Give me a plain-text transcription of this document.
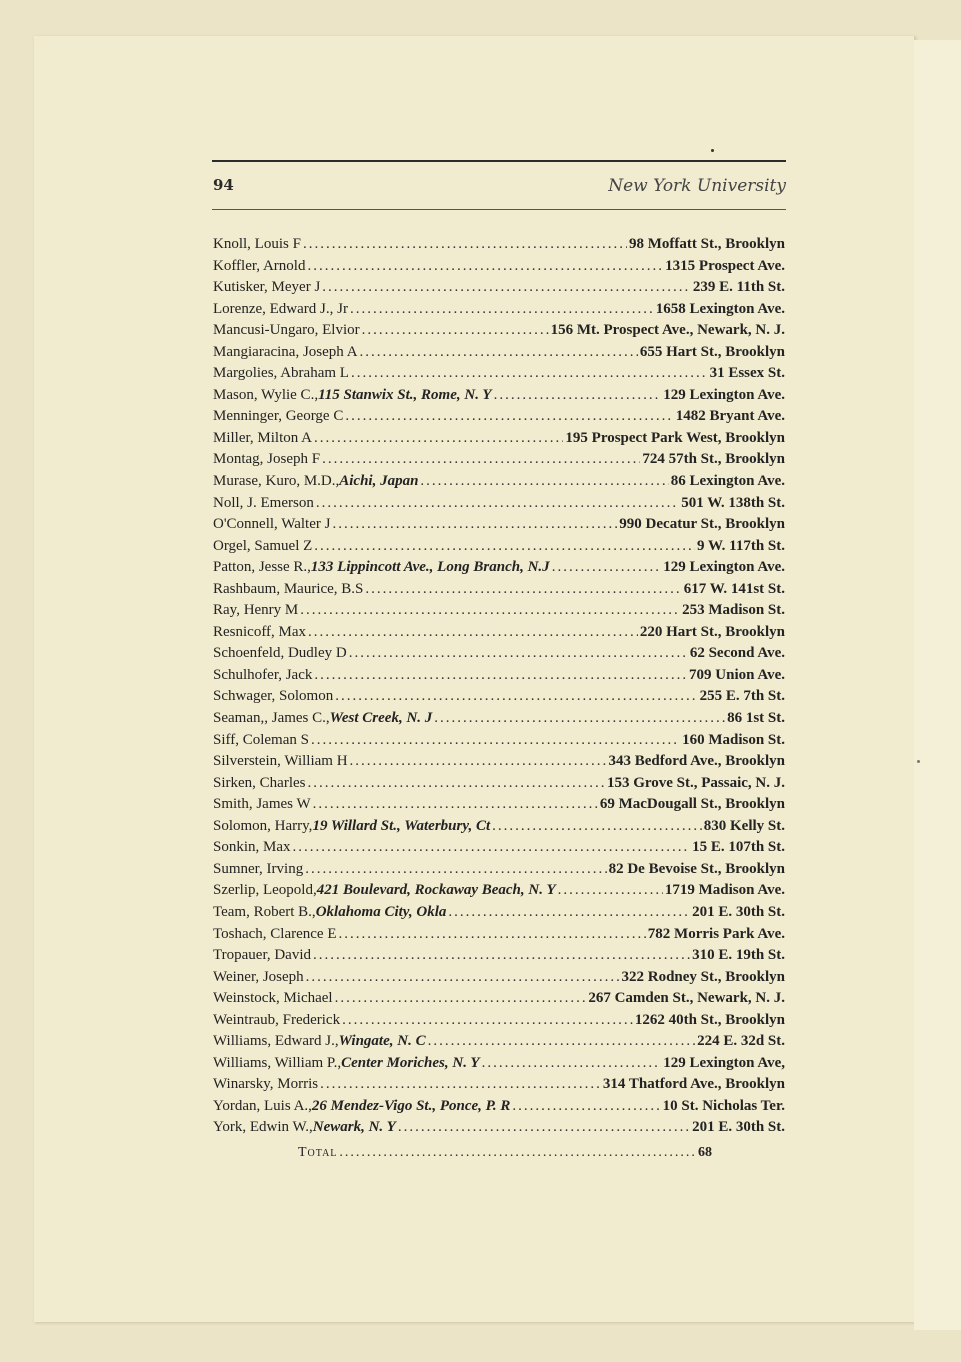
94	New York University
Knoll, Louis F .....	98 Moffatt St., Brooklyn
Koffler, Arnold .....	1315 Prospect Ave.
Kutisker, Meyer J .....	239 E. 11th St.
Lorenze, Edward J., Jr .....	1658 Lexington Ave.
Mancusi-Ungaro, Elvior .....	156 Mt. Prospect Ave., Newark, N. J.
Mangiaracina, Joseph A .....	655 Hart St., Brooklyn
Margolies, Abraham L .....	31 Essex St.
Mason, Wylie C., 115 Stanwix St., Rome, N. Y .....	129 Lexington Ave.
Menninger, George C .....	1482 Bryant Ave.
Miller, Milton A .....	195 Prospect Park West, Brooklyn
Montag, Joseph F .....	724 57th St., Brooklyn
Murase, Kuro, M.D., Aichi, Japan .....	86 Lexington Ave.
Noll, J. Emerson .....	501 W. 138th St.
O'Connell, Walter J .....	990 Decatur St., Brooklyn
Orgel, Samuel Z .....	9 W. 117th St.
Patton, Jesse R., 133 Lippincott Ave., Long Branch, N.J .....	129 Lexington Ave.
Rashbaum, Maurice, B.S .....	617 W. 141st St.
Ray, Henry M .....	253 Madison St.
Resnicoff, Max .....	220 Hart St., Brooklyn
Schoenfeld, Dudley D .....	62 Second Ave.
Schulhofer, Jack .....	709 Union Ave.
Schwager, Solomon .....	255 E. 7th St.
Seaman,, James C., West Creek, N. J .....	86 1st St.
Siff, Coleman S .....	160 Madison St.
Silverstein, William H .....	343 Bedford Ave., Brooklyn
Sirken, Charles .....	153 Grove St., Passaic, N. J.
Smith, James W .....	69 MacDougall St., Brooklyn
Solomon, Harry, 19 Willard St., Waterbury, Ct .....	830 Kelly St.
Sonkin, Max .....	15 E. 107th St.
Sumner, Irving .....	82 De Bevoise St., Brooklyn
Szerlip, Leopold, 421 Boulevard, Rockaway Beach, N. Y .....	1719 Madison Ave.
Team, Robert B., Oklahoma City, Okla .....	201 E. 30th St.
Toshach, Clarence E .....	782 Morris Park Ave.
Tropauer, David .....	310 E. 19th St.
Weiner, Joseph .....	322 Rodney St., Brooklyn
Weinstock, Michael .....	267 Camden St., Newark, N. J.
Weintraub, Frederick .....	1262 40th St., Brooklyn
Williams, Edward J., Wingate, N. C .....	224 E. 32d St.
Williams, William P., Center Moriches, N. Y .....	129 Lexington Ave,
Winarsky, Morris .....	314 Thatford Ave., Brooklyn
Yordan, Luis A., 26 Mendez-Vigo St., Ponce, P. R .....	10 St. Nicholas Ter.
York, Edwin W., Newark, N. Y .....	201 E. 30th St.
Total .....	68
